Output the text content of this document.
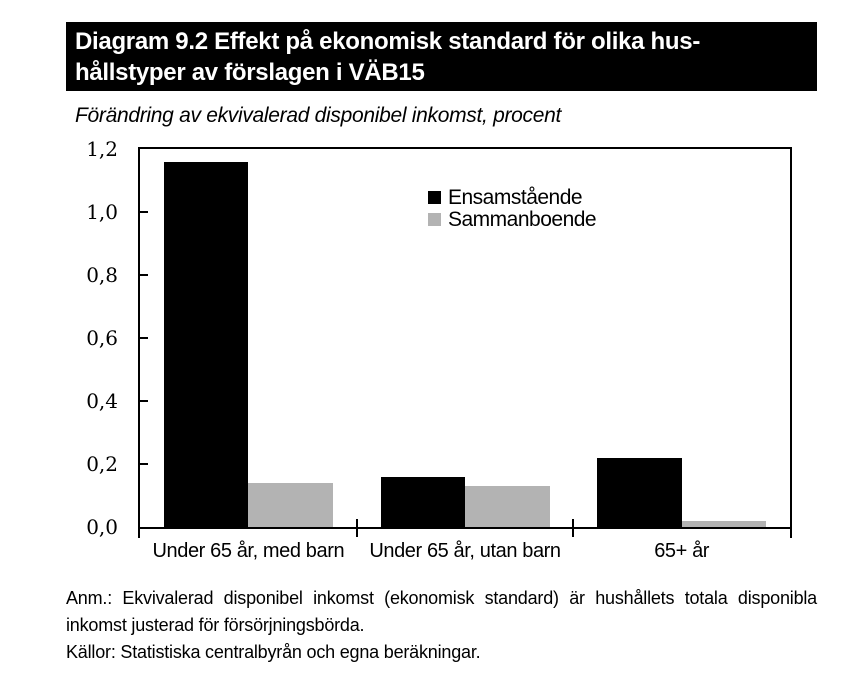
Diagram 9.2 Effekt på ekonomisk standard för olika hus-
hållstyper av förslagen i VÄB15
Förändring av ekvivalerad disponibel inkomst, procent
0,0
0,2
0,4
0,6
0,8
1,0
1,2
Ensamstående
Sammanboende
Under 65 år, med barn	Under 65 år, utan barn	65+ år

Anm.: Ekvivalerad disponibel inkomst (ekonomisk standard) är hushållets totala disponibla inkomst justerad för försörjningsbörda.

Källor: Statistiska centralbyrån och egna beräkningar.
